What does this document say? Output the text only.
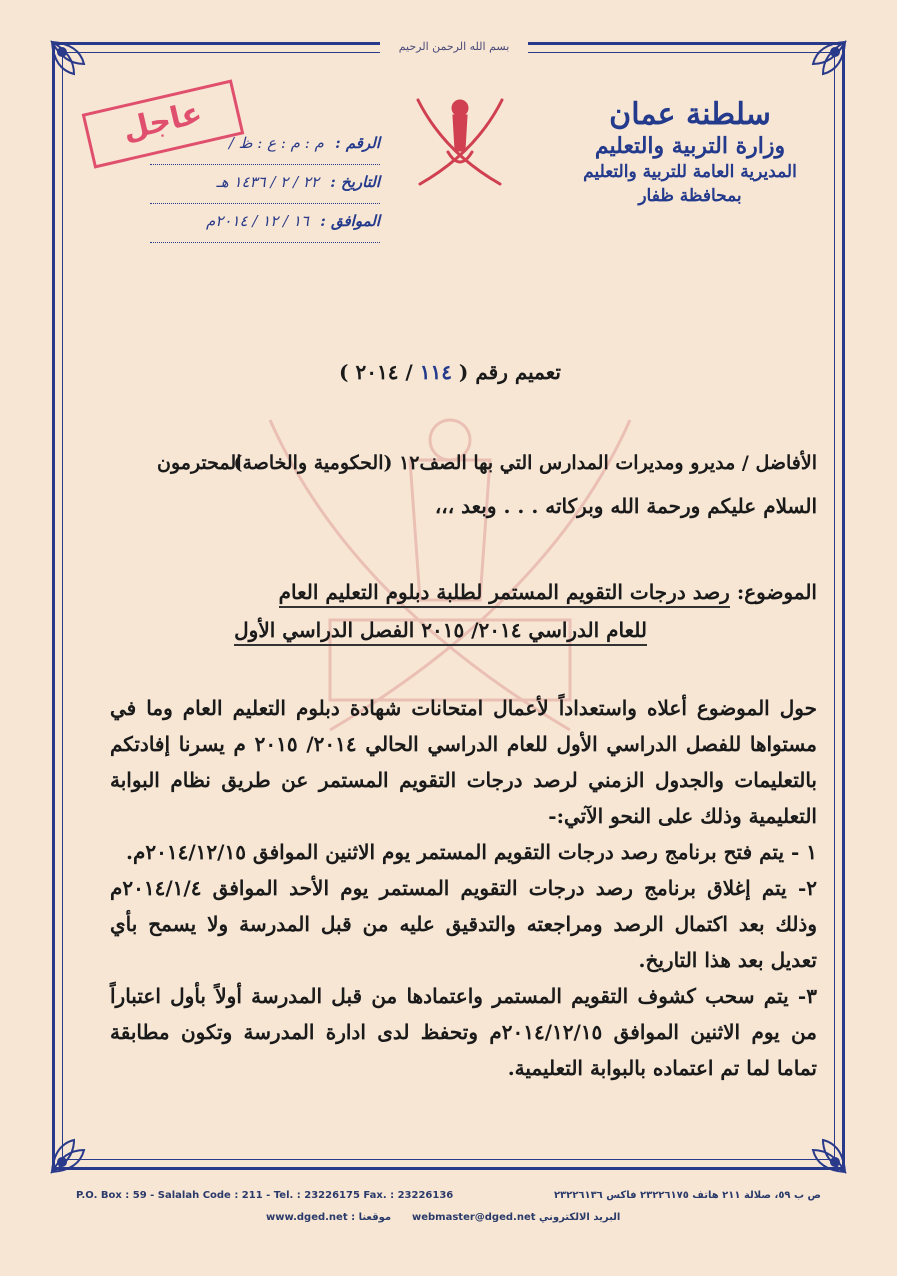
بسم الله الرحمن الرحيم
سلطنة عمان
وزارة التربية والتعليم
المديرية العامة للتربية والتعليم
بمحافظة ظفار
عاجل	الرقم : م : م : ع : ظ /
التاريخ : ٢٢ / ٢ / ١٤٣٦ هـ
الموافق : ١٦ / ١٢ / ٢٠١٤م
تعميم رقم ( ١١٤ / ٢٠١٤ )
الأفاضل / مديرو ومديرات المدارس التي بها الصف١٢ (الحكومية والخاصة)
المحترمون
السلام عليكم ورحمة الله وبركاته . . . وبعد ،،،
الموضوع: رصد درجات التقويم المستمر لطلبة دبلوم التعليم العام
للعام الدراسي ٢٠١٤/ ٢٠١٥ الفصل الدراسي الأول

حول الموضوع أعلاه واستعداداً لأعمال امتحانات شهادة دبلوم التعليم العام وما في مستواها للفصل الدراسي الأول للعام الدراسي الحالي ٢٠١٤/ ٢٠١٥ م يسرنا إفادتكم بالتعليمات والجدول الزمني لرصد درجات التقويم المستمر عن طريق نظام البوابة التعليمية وذلك على النحو الآتي:-

١ - يتم فتح برنامج رصد درجات التقويم المستمر يوم الاثنين الموافق ٢٠١٤/١٢/١٥م.

٢- يتم إغلاق برنامج رصد درجات التقويم المستمر يوم الأحد الموافق ٢٠١٤/١/٤م وذلك بعد اكتمال الرصد ومراجعته والتدقيق عليه من قبل المدرسة ولا يسمح بأي تعديل بعد هذا التاريخ.

٣- يتم سحب كشوف التقويم المستمر واعتمادها من قبل المدرسة أولاً بأول اعتباراً من يوم الاثنين الموافق ٢٠١٤/١٢/١٥م وتحفظ لدى ادارة المدرسة وتكون مطابقة تماما لما تم اعتماده بالبوابة التعليمية.

P.O. Box : 59 - Salalah Code : 211 - Tel. : 23226175 Fax. : 23226136	ص ب ٥٩، صلالة ٢١١ هاتف ٢٣٢٢٦١٧٥ فاكس ٢٣٢٢٦١٣٦
www.dged.net : موقعنا webmaster@dged.net البريد الالكتروني
